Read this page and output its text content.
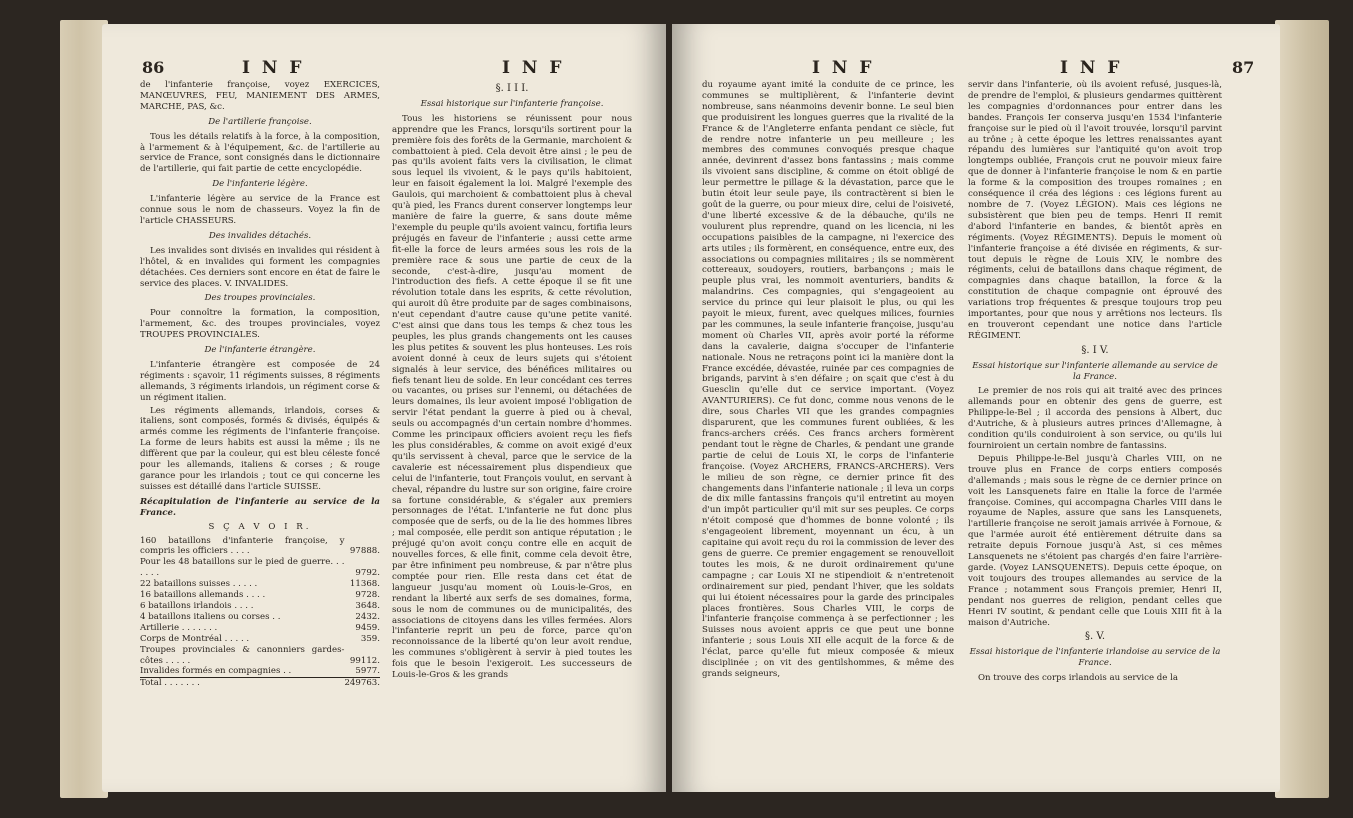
86	I N F	I N F

de l'infanterie françoise, voyez EXERCICES, MANŒUVRES, FEU, MANIEMENT DES ARMES, MARCHE, PAS, &c.

De l'artillerie françoise.

Tous les détails relatifs à la force, à la composition, à l'armement & à l'équipement, &c. de l'artillerie au service de France, sont consignés dans le dictionnaire de l'artillerie, qui fait partie de cette encyclopédie.

De l'infanterie légère.

L'infanterie légère au service de la France est connue sous le nom de chasseurs. Voyez la fin de l'article CHASSEURS.

Des invalides détachés.

Les invalides sont divisés en invalides qui résident à l'hôtel, & en invalides qui forment les compagnies détachées. Ces derniers sont encore en état de faire le service des places. V. INVALIDES.

Des troupes provinciales.

Pour connoître la formation, la composition, l'armement, &c. des troupes provinciales, voyez TROUPES PROVINCIALES.

De l'infanterie étrangère.

L'infanterie étrangère est composée de 24 régiments : sçavoir, 11 régiments suisses, 8 régiments allemands, 3 régiments irlandois, un régiment corse & un régiment italien.

Les régiments allemands, irlandois, corses & italiens, sont composés, formés & divisés, équipés & armés comme les régiments de l'infanterie françoise. La forme de leurs habits est aussi la même ; ils ne diffèrent que par la couleur, qui est bleu céleste foncé pour les allemands, italiens & corses ; & rouge garance pour les irlandois ; tout ce qui concerne les suisses est détaillé dans l'article SUISSE.

Récapitulation de l'infanterie au service de la France.
S Ç A V O I R.
160 bataillons d'infanterie françoise, y compris les officiers . . . .	97888.
Pour les 48 bataillons sur le pied de guerre. . . . . . .	9792.
22 bataillons suisses . . . . .	11368.
16 bataillons allemands . . . .	9728.
6 bataillons irlandois . . . .	3648.
4 bataillons italiens ou corses . .	2432.
Artillerie . . . . . . .	9459.
Corps de Montréal . . . . .	359.
Troupes provinciales & canonniers gardes-côtes . . . . .	99112.
Invalides formés en compagnies . .	5977.
Total . . . . . . .	249763.
§. I I I.
Essai historique sur l'infanterie françoise.

Tous les historiens se réunissent pour nous apprendre que les Francs, lorsqu'ils sortirent pour la première fois des forêts de la Germanie, marchoient & combattoient à pied. Cela devoit être ainsi ; le peu de pas qu'ils avoient faits vers la civilisation, le climat sous lequel ils vivoient, & le pays qu'ils habitoient, leur en faisoit également la loi. Malgré l'exemple des Gaulois, qui marchoient & combattoient plus à cheval qu'à pied, les Francs durent conserver longtemps leur manière de faire la guerre, & sans doute même l'exemple du peuple qu'ils avoient vaincu, fortifia leurs préjugés en faveur de l'infanterie ; aussi cette arme fit-elle la force de leurs armées sous les rois de la première race & sous une partie de ceux de la seconde, c'est-à-dire, jusqu'au moment de l'introduction des fiefs. A cette époque il se fit une révolution totale dans les esprits, & cette révolution, qui auroit dû être produite par de sages combinaisons, n'eut cependant d'autre cause qu'une petite vanité. C'est ainsi que dans tous les temps & chez tous les peuples, les plus grands changements ont les causes les plus petites & souvent les plus honteuses. Les rois avoient donné à ceux de leurs sujets qui s'étoient signalés à leur service, des bénéfices militaires ou fiefs tenant lieu de solde. En leur concédant ces terres ou vacantes, ou prises sur l'ennemi, ou détachées de leurs domaines, ils leur avoient imposé l'obligation de servir l'état pendant la guerre à pied ou à cheval, seuls ou accompagnés d'un certain nombre d'hommes. Comme les principaux officiers avoient reçu les fiefs les plus considérables, & comme on avoit exigé d'eux qu'ils servissent à cheval, parce que le service de la cavalerie est nécessairement plus dispendieux que celui de l'infanterie, tout François voulut, en servant à cheval, répandre du lustre sur son origine, faire croire sa fortune considérable, & s'égaler aux premiers personnages de l'état. L'infanterie ne fut donc plus composée que de serfs, ou de la lie des hommes libres ; mal composée, elle perdit son antique réputation ; le préjugé qu'on avoit conçu contre elle en acquit de nouvelles forces, & elle finit, comme cela devoit être, par être infiniment peu nombreuse, & par n'être plus comptée pour rien. Elle resta dans cet état de langueur jusqu'au moment où Louis-le-Gros, en rendant la liberté aux serfs de ses domaines, forma, sous le nom de communes ou de municipalités, des associations de citoyens dans les villes fermées. Alors l'infanterie reprit un peu de force, parce qu'on reconnoissance de la liberté qu'on leur avoit rendue, les communes s'obligèrent à servir à pied toutes les fois que le besoin l'exigeroit. Les successeurs de Louis-le-Gros & les grands

I N F	I N F	87

du royaume ayant imité la conduite de ce prince, les communes se multiplièrent, & l'infanterie devint nombreuse, sans néanmoins devenir bonne. Le seul bien que produisirent les longues guerres que la rivalité de la France & de l'Angleterre enfanta pendant ce siècle, fut de rendre notre infanterie un peu meilleure ; les membres des communes convoqués presque chaque année, devinrent d'assez bons fantassins ; mais comme ils vivoient sans discipline, & comme on étoit obligé de leur permettre le pillage & la dévastation, parce que le butin étoit leur seule paye, ils contractèrent si bien le goût de la guerre, ou pour mieux dire, celui de l'oisiveté, d'une liberté excessive & de la débauche, qu'ils ne voulurent plus reprendre, quand on les licencia, ni les occupations paisibles de la campagne, ni l'exercice des arts utiles ; ils formèrent, en conséquence, entre eux, des associations ou compagnies militaires ; ils se nommèrent cottereaux, soudoyers, routiers, barbançons ; mais le peuple plus vrai, les nommoit aventuriers, bandits & malandrins. Ces compagnies, qui s'engageoient au service du prince qui leur plaisoit le plus, ou qui les payoit le mieux, furent, avec quelques milices, fournies par les communes, la seule infanterie françoise, jusqu'au moment où Charles VII, après avoir porté la réforme dans la cavalerie, daigna s'occuper de l'infanterie nationale. Nous ne retraçons point ici la manière dont la France excédée, dévastée, ruinée par ces compagnies de brigands, parvint à s'en défaire ; on sçait que c'est à du Guesclin qu'elle dut ce service important. (Voyez AVANTURIERS). Ce fut donc, comme nous venons de le dire, sous Charles VII que les grandes compagnies disparurent, que les communes furent oubliées, & les francs-archers créés. Ces francs archers formèrent pendant tout le règne de Charles, & pendant une grande partie de celui de Louis XI, le corps de l'infanterie françoise. (Voyez ARCHERS, FRANCS-ARCHERS). Vers le milieu de son règne, ce dernier prince fit des changements dans l'infanterie nationale ; il leva un corps de dix mille fantassins françois qu'il entretint au moyen d'un impôt particulier qu'il mit sur ses peuples. Ce corps n'étoit composé que d'hommes de bonne volonté ; ils s'engageoient librement, moyennant un écu, à un capitaine qui avoit reçu du roi la commission de lever des gens de guerre. Ce premier engagement se renouvelloit toutes les mois, & ne duroit ordinairement qu'une campagne ; car Louis XI ne stipendioit & n'entretenoit ordinairement sur pied, pendant l'hiver, que les soldats qui lui étoient nécessaires pour la garde des principales places frontières. Sous Charles VIII, le corps de l'infanterie françoise commença à se perfectionner ; les Suisses nous avoient appris ce que peut une bonne infanterie ; sous Louis XII elle acquit de la force & de l'éclat, parce qu'elle fut mieux composée & mieux disciplinée ; on vit des gentilshommes, & même des grands seigneurs,

servir dans l'infanterie, où ils avoient refusé, jusques-là, de prendre de l'emploi, & plusieurs gendarmes quittèrent les compagnies d'ordonnances pour entrer dans les bandes. François Ier conserva jusqu'en 1534 l'infanterie françoise sur le pied où il l'avoit trouvée, lorsqu'il parvint au trône ; à cette époque les lettres renaissantes ayant répandu des lumières sur l'antiquité qu'on avoit trop longtemps oubliée, François crut ne pouvoir mieux faire que de donner à l'infanterie françoise le nom & en partie la forme & la composition des troupes romaines ; en conséquence il créa des légions : ces légions furent au nombre de 7. (Voyez LÉGION). Mais ces légions ne subsistèrent que bien peu de temps. Henri II remit d'abord l'infanterie en bandes, & bientôt après en régiments. (Voyez RÉGIMENTS). Depuis le moment où l'infanterie françoise a été divisée en régiments, & sur-tout depuis le règne de Louis XIV, le nombre des régiments, celui de bataillons dans chaque régiment, de compagnies dans chaque bataillon, la force & la constitution de chaque compagnie ont éprouvé des variations trop fréquentes & presque toujours trop peu importantes, pour que nous y arrêtions nos lecteurs. Ils en trouveront cependant une notice dans l'article RÉGIMENT.

§. I V.
Essai historique sur l'infanterie allemande au service de la France.

Le premier de nos rois qui ait traité avec des princes allemands pour en obtenir des gens de guerre, est Philippe-le-Bel ; il accorda des pensions à Albert, duc d'Autriche, & à plusieurs autres princes d'Allemagne, à condition qu'ils conduiroient à son service, ou qu'ils lui fourniroient un certain nombre de fantassins.

Depuis Philippe-le-Bel jusqu'à Charles VIII, on ne trouve plus en France de corps entiers composés d'allemands ; mais sous le règne de ce dernier prince on voit les Lansquenets faire en Italie la force de l'armée françoise. Comines, qui accompagna Charles VIII dans le royaume de Naples, assure que sans les Lansquenets, l'artillerie françoise ne seroit jamais arrivée à Fornoue, & que l'armée auroit été entièrement détruite dans sa retraite depuis Fornoue jusqu'à Ast, si ces mêmes Lansquenets ne s'étoient pas chargés d'en faire l'arrière-garde. (Voyez LANSQUENETS). Depuis cette époque, on voit toujours des troupes allemandes au service de la France ; notamment sous François premier, Henri II, pendant nos guerres de religion, pendant celles que Henri IV soutint, & pendant celle que Louis XIII fit à la maison d'Autriche.

§. V.
Essai historique de l'infanterie irlandoise au service de la France.

On trouve des corps irlandois au service de la
